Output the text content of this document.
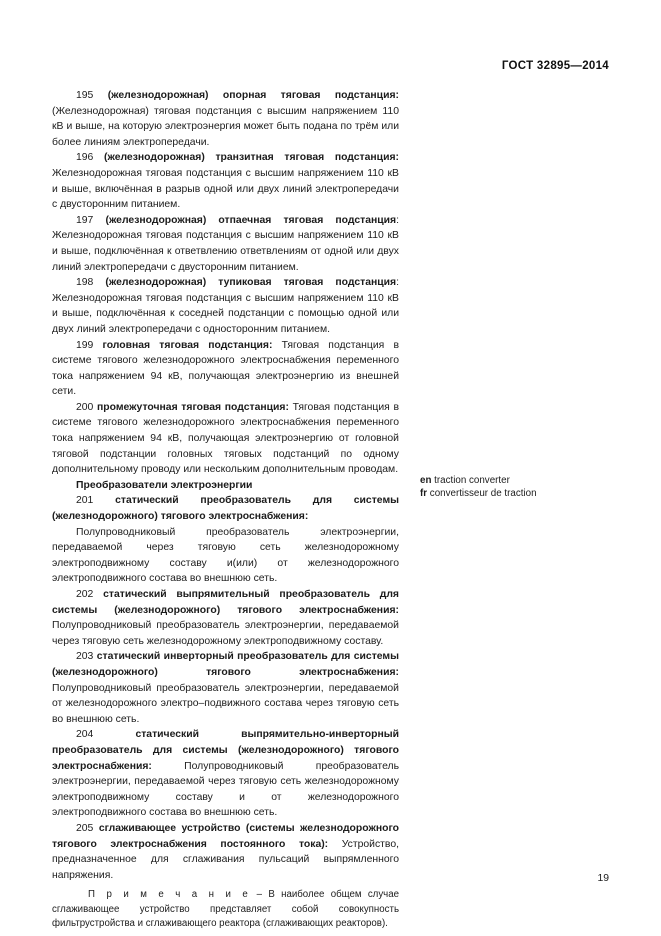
ГОСТ 32895—2014

195 (железнодорожная) опорная тяговая подстанция: (Железнодорожная) тяговая подстанция с высшим напряжением 110 кВ и выше, на которую электроэнергия может быть подана по трём или более линиям электропередачи.

196 (железнодорожная) транзитная тяговая подстанция: Железнодорожная тяговая подстанция с высшим напряжением 110 кВ и выше, включённая в разрыв одной или двух линий электропередачи с двусторонним питанием.

197 (железнодорожная) отпаечная тяговая подстанция: Железнодорожная тяговая подстанция с высшим напряжением 110 кВ и выше, подключённая к ответвлению ответвлениям от одной или двух линий электропередачи с двусторонним питанием.

198 (железнодорожная) тупиковая тяговая подстанция: Железнодорожная тяговая подстанция с высшим напряжением 110 кВ и выше, подключённая к соседней подстанции с помощью одной или двух линий электропередачи с односторонним питанием.

199 головная тяговая подстанция: Тяговая подстанция в системе тягового железнодорожного электроснабжения переменного тока напряжением 94 кВ, получающая электроэнергию из внешней сети.

200 промежуточная тяговая подстанция: Тяговая подстанция в системе тягового железнодорожного электроснабжения переменного тока напряжением 94 кВ, получающая электроэнергию от головной тяговой подстанции головных тяговых подстанций по одному дополнительному проводу или нескольким дополнительным проводам.

Преобразователи электроэнергии

201 статический преобразователь для системы (железнодорожного) тягового электроснабжения:

Полупроводниковый преобразователь электроэнергии, передаваемой через тяговую сеть железнодорожному электроподвижному составу и(или) от железнодорожного электроподвижного состава во внешнюю сеть.

202 статический выпрямительный преобразователь для системы (железнодорожного) тягового электроснабжения: Полупроводниковый преобразователь электроэнергии, передаваемой через тяговую сеть железнодорожному электроподвижному составу.

203 статический инверторный преобразователь для системы (железнодорожного) тягового электроснабжения: Полупроводниковый преобразователь электроэнергии, передаваемой от железнодорожного электро–подвижного состава через тяговую сеть во внешнюю сеть.

204 статический выпрямительно-инверторный преобразователь для системы (железнодорожного) тягового электроснабжения: Полупроводниковый преобразователь электроэнергии, передаваемой через тяговую сеть железнодорожному электроподвижному составу и от железнодорожного электроподвижного состава во внешнюю сеть.

205 сглаживающее устройство (системы железнодорожного тягового электроснабжения постоянного тока): Устройство, предназначенное для сглаживания пульсаций выпрямленного напряжения.

П р и м е ч а н и е – В наиболее общем случае сглаживающее устройство представляет собой совокупность фильтрустройства и сглаживающего реактора (сглаживающих реакторов).

en traction converter
fr convertisseur de traction
19
